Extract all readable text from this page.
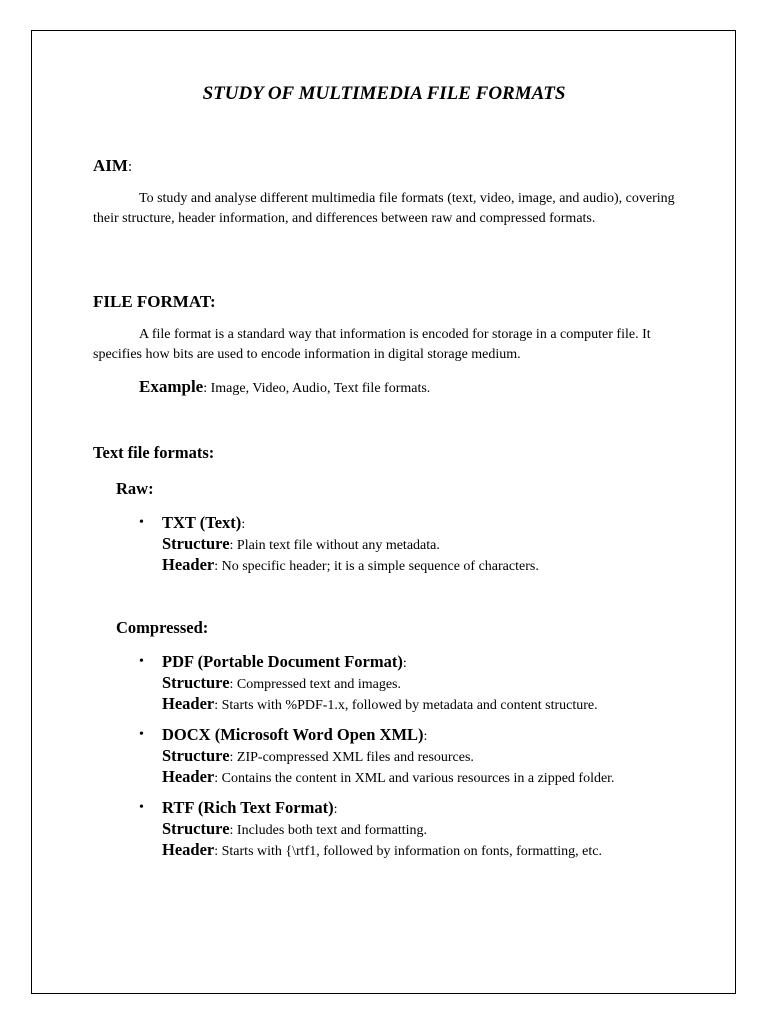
STUDY OF MULTIMEDIA FILE FORMATS
AIM:
To study and analyse different multimedia file formats (text, video, image, and audio), covering their structure, header information, and differences between raw and compressed formats.
FILE FORMAT:
A file format is a standard way that information is encoded for storage in a computer file. It specifies how bits are used to encode information in digital storage medium.
Example: Image, Video, Audio, Text file formats.
Text file formats:
Raw:
• TXT (Text):
Structure: Plain text file without any metadata.
Header: No specific header; it is a simple sequence of characters.
Compressed:
• PDF (Portable Document Format):
Structure: Compressed text and images.
Header: Starts with %PDF-1.x, followed by metadata and content structure.
• DOCX (Microsoft Word Open XML):
Structure: ZIP-compressed XML files and resources.
Header: Contains the content in XML and various resources in a zipped folder.
• RTF (Rich Text Format):
Structure: Includes both text and formatting.
Header: Starts with {\rtf1, followed by information on fonts, formatting, etc.
